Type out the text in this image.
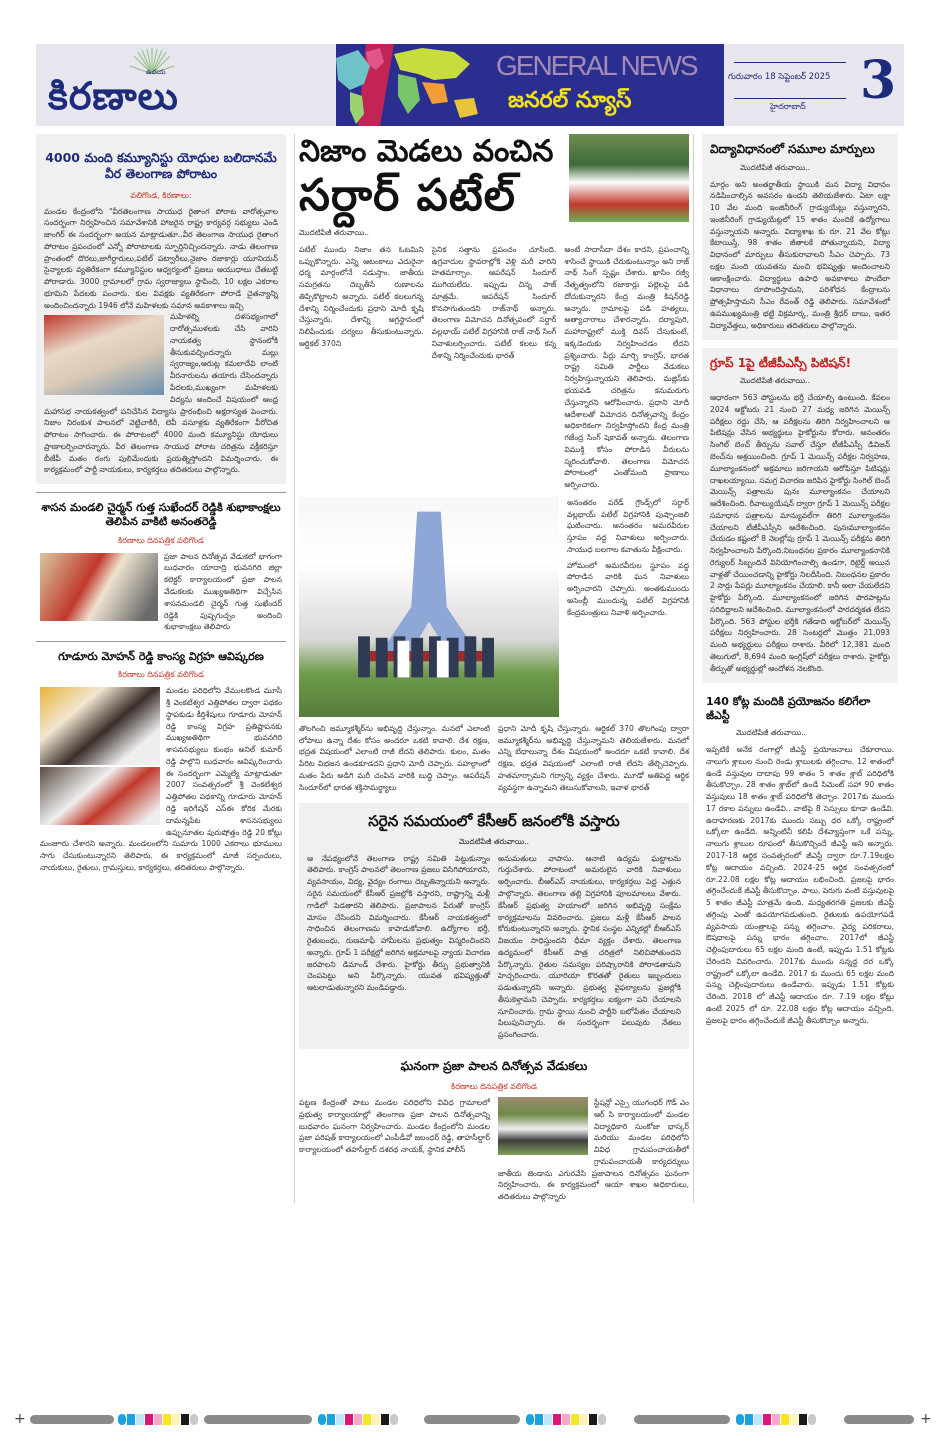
ఉదయ
కిరణాలు
GENERAL NEWS
జనరల్ న్యూస్
గురువారం 18 సెప్టెంబర్ 2025
హైదరాబాద్ 3
4000 మంది కమ్యూనిస్టు యోధుల బలిదానమే వీర తెలంగాణ పోరాటం
వలిగొండ, కిరణాలు:
మండల కేంద్రంలోని "వీరతెలంగాణ సాయుధ రైతాంగ పోరాట వారోత్సవాల సందర్భంగా నిర్వహించిన సమావేశానికి హాజరైన రాష్ట్ర కార్యవర్గ సభ్యులు ఎండి జాంగిర్ ఈ సందర్భంగా అయన మాట్లాడుతూ..వీర తెలంగాణ సాయుధ రైతాంగ పోరాటం ప్రపంచంలో ఎన్నో పోరాటాలకు స్ఫూర్తినిచ్చిందన్నారు. నాడు తెలంగాణ ప్రాంతంలో దొరలు,జాగీర్దారులు,పటేల్ పట్వారీలు,నైజాం రజాకార్లు యూనియన్ సైన్యాలకు వ్యతిరేకంగా కమ్యూనిస్టుల ఆధ్వర్యంలో ప్రజలు ఆయుధాలు చేతబట్టి పోరాడారు. 3000 గ్రామాలలో గ్రామ స్వరాజ్యాలు స్థాపించి, 10 లక్షల ఎకరాల భూమిని పేదలకు పంచారు. కుల వివక్షకు వ్యతిరేకంగా పోరాడే చైతన్యాన్ని అందించిందన్నారు 1946 లోనే మహిళలకు సమాన అవకాశాలు ఇచ్చి
మహిళల్ని దళసభ్యంగాలో దారోత్సముళలకు చేసి వారిని నాయకత్వ స్థానంలోకి తీసుకువచ్చిందన్నారు మల్లు స్వరాజ్యం,ఆరుట్ల కమలాదేవి లాంటి వీరనారులను తయారు చేసిందన్నారు పేదలకు,ముఖ్యంగా మహిళలకు విద్యను అందించే విషయంలో ఆంధ్ర మహాసభ నాయకత్వంలో పనిచేసిన విద్యాసు ప్రారంభించి అక్షరాస్యత పెంచారు. నిజాం నిరంకుశ పాలనలో వెట్టిచాకిరీ, లెవీ వసూళ్లకు వ్యతిరేకంగా వీరోచిత పోరాటం సాగించారు. ఈ పోరాటంలో 4000 మంది కమ్యూనిస్టు యోధులు ప్రాణాలర్పించారన్నారు. వీర తెలంగాణ సాయుధ పోరాట చరిత్రను వక్రీకరిస్తూ బీజేపీ మతం రంగు పులిమేందుకు ప్రయత్నిస్తోందని విమర్శించారు. ఈ కార్యక్రమంలో పార్టీ నాయకులు, కార్యకర్తలు తదితరులు పాల్గొన్నారు.
శాసన మండలి చైర్మన్ గుత్త సుఖేందర్ రెడ్డికి శుభాకాంక్షలు తెలిపిన వాకిటి అనంతరెడ్డి
కిరణాలు దినపత్రిక వలిగొండ
ప్రజా పాలన దినోత్సవ వేడుకలో భాగంగా బుధవారం యాదాద్రి భువనగిరి జిల్లా కలెక్టర్ కార్యాలయంలో ప్రజా పాలన వేడుకలకు ముఖ్యఅతిథిగా విచ్చేసిన శాసనమండలి చైర్మన్ గుత్త సుఖేందర్ రెడ్డికి పుష్పగుచ్ఛం అందించి శుభాకాంక్షలు తెలిపారు
గూడూరు మోహన్ రెడ్డి కాంస్య విగ్రహ ఆవిష్కరణ
కిరణాలు దినపత్రిక వలిగొండ
మండల పరిధిలోని వేములకొండ మూసీ శ్రీ వెంకటేశ్వర ఎత్తిపోతల ద్వారా పథకం స్థాపకుడు కీర్తిశేషులు గూడూరు మోహన్ రెడ్డి కాంస్య విగ్రహ ప్రతిష్టాపనకు ముఖ్యఅతిథిగా భువనగిరి శాసనసభ్యులు కుంభం అనిల్ కుమార్ రెడ్డి పాల్గొని బుధవారం ఆవిష్కరించారు ఈ సందర్భంగా ఎమ్మెల్యే మాట్లాడుతూ 2007 సంవత్సరంలో శ్రీ వెంకటేశ్వర ఎత్తిపోతల పథకాన్ని గూడూరు మోహన్ రెడ్డి ఇరిగేషన్ ఎస్ఈ కోరిక మేరకు దామన్నపేట శాసనసభ్యులు ఉప్పునూతల పురుషోత్తం రెడ్డి 20 కోట్లు మంజూరు చేశారని అన్నారు. మండలంలోని సుమారు 1000 ఎకరాలు భూములు సాగు చేసుకుంటున్నారని తెలిపారు. ఈ కార్యక్రమంలో మాజీ సర్పంచులు, నాయకులు, రైతులు, గ్రామస్తులు, కార్యకర్తలు, తదితరులు పాల్గొన్నారు.
నిజాం మెడలు వంచిన
సర్దార్ పటేల్
మొదటిపేజీ తరువాయి..
పటేల్ ముందు నిజాం తన ఓటమిని ఒప్పుకొన్నారు. ఎన్ని ఆటంకాలు ఎదురైనా ధర్మ మార్గంలోనే నడుస్తాం. జాతీయ సమగ్రతను దెబ్బతీసే రుణాలను తిప్పికొట్టాలని అన్నారు. పటేల్ కలలుగన్న దేశాన్ని నిర్మించేందుకు ప్రధాని మోదీ కృషి చేస్తున్నారు. దేశాన్ని అగ్రస్థానంలో నిలిపేందుకు చర్యలు తీసుకుంటున్నారు. ఆర్టికల్ 370ని
సైనిక సత్తాను ప్రపంచం చూసింది. ఉగ్రవాదుల స్థావరాల్లోకి వెళ్లి మరీ వారిని హతమార్చాం. ఆపరేషన్ సిందూర్ ముగియలేదు. ఇప్పుడు చిన్న పాజ్ మాత్రమే. ఆపరేషన్ సిందూర్ కొనసాగుతుందని రాజ్‌నాథ్ అన్నారు. తెలంగాణ విమోచన దినోత్సవంలో సర్దార్ వల్లభాయ్ పటేల్ విగ్రహానికి రాజ్ నాథ్ సింగ్ నివాళులర్పించారు. పటేల్ కలలు కన్న దేశాన్ని నిర్మించేందుకు భారత్
అంటే సాదాసీదా దేశం కాదని, ప్రపంచాన్ని శాసించే స్థాయికి చేరుకుంటున్నాం అని రాజ్ నాథ్ సింగ్ స్పష్టం చేశారు. ఖాసిం రజ్వీ నేతృత్వంలోని రజాకార్లు పల్లెలపై పడి దోచుకున్నారని కేంద్ర మంత్రి కిషన్‌రెడ్డి అన్నారు. గ్రామాలపై పడి హత్యలు, అత్యాచారాలు చేశారన్నారు. దర్యాపురి, మహారాష్ట్రలో ముక్తి దివస్ చేసుకుంటే, ఇక్కడెందుకు నిర్వహించడం లేదని ప్రశ్నించారు. పేర్లు మార్చి కాంగ్రెస్, భారత రాష్ట్ర సమితి పార్టీలు వేడుకలు నిర్వహిస్తున్నాయని తెలిపారు. మజ్లిస్‌కు భయపడి చరిత్రను కనుమరుగు చేస్తున్నారని ఆరోపించారు. ప్రధాని మోదీ ఆదేశాలతో విమోచన దినోత్సవాన్ని కేంద్రం అధికారికంగా నిర్వహిస్తోందని కేంద్ర మంత్రి గజేంద్ర సింగ్ షెకావత్ అన్నారు. తెలంగాణ విముక్తి కోసం పోరాడిన వీరులను స్మరించుకోవాలి. తెలంగాణ విమోచన పోరాటంలో ఎంతోమంది ప్రాణాలు అర్పించారు.
అనంతరం పరేడ్ గ్రౌండ్స్‌లో సర్దార్ వల్లభాయ్ పటేల్ విగ్రహానికి పుష్పాంజలి ఘటించారు. అనంతరం అమరవీరుల స్తూపం వద్ద నివాళులు అర్పించారు. సాయుధ బలగాల కవాతును వీక్షించారు.
హోమంలో అమరవీరుల స్థూపం వద్ద పోరాడిన వారికి ఘన నివాళులు అర్పించారని చెప్పారు. అంతకుముందు అసెంబ్లీ ముందున్న పటేల్ విగ్రహానికి కేంద్రమంత్రులు నివాళి అర్పించారు.
తొలగించి జమ్మూకశ్మీర్‌ను అభివృద్ధి చేస్తున్నాం. మనలో ఎలాంటి లోపాలు ఉన్నా దేశం కోసం అందరూ ఒకటి కావాలి. దేశ రక్షణ, భద్రత విషయంలో ఎలాంటి రాజీ లేదని తెలిపారు. కులం, మతం పేరిట విభజన ఉండకూడదని ప్రధాని మోదీ చెప్పారు. పహల్గాంలో మతం పేరు అడిగి మరీ చంపిన వారికి బుద్ధి చెప్పాం. ఆపరేషన్ సిందూర్‌లో భారత శక్తిసామర్థ్యాలు
ప్రధాని మోదీ కృషి చేస్తున్నారు. ఆర్టికల్ 370 తొలగింపు ద్వారా జమ్మూకశ్మీర్‌ను అభివృద్ధి చేస్తున్నామని తెలియజేశారు. మనలో ఎన్ని బేధాలున్నా దేశం విషయంలో అందరూ ఒకటే కావాలి. దేశ రక్షణ, భద్రత విషయంలో ఎలాంటి రాజీ లేదని తేల్చిచెప్పారు. హతమార్చామని గర్వాన్ని వ్యక్తం చేశారు. మూడో అతిపెద్ద ఆర్థిక వ్యవస్థగా ఉన్నామని తెలుసుకోవాలని, ఇవాళ భారత్
సరైన సమయంలో కేసీఆర్ జనంలోకి వస్తారు
మొదటిపేజీ తరువాయి..
ఆ నేపథ్యంలోనే తెలంగాణ రాష్ట్ర సమితి పెట్టుకున్నాం తెలిపారు. కాంగ్రెస్ పాలనలో తెలంగాణ ప్రజలు విసిగిపోయారని, వ్యవసాయం, విద్య, వైద్యం రంగాలు దెబ్బతిన్నాయని అన్నారు. సరైన సమయంలో కేసీఆర్ ప్రజల్లోకి వస్తారని, రాష్ట్రాన్ని మళ్లీ గాడిలో పెడతారని తెలిపారు. ప్రజాపాలన పేరుతో కాంగ్రెస్ మోసం చేసిందని విమర్శించారు. కేసీఆర్ నాయకత్వంలో సాధించిన తెలంగాణను కాపాడుకోవాలి. ఉద్యోగాల భర్తీ, రైతుబంధు, రుణమాఫీ హామీలను ప్రభుత్వం విస్మరించిందని అన్నారు. గ్రూప్ 1 పరీక్షల్లో జరిగిన అక్రమాలపై న్యాయ విచారణ జరపాలని డిమాండ్ చేశారు. హైకోర్టు తీర్పు ప్రభుత్వానికి చెంపపెట్టు అని పేర్కొన్నారు. యువత భవిష్యత్తుతో ఆటలాడుతున్నారని మండిపడ్డారు.
అనుమతులు వాపాసు. ఆనాటి ఉద్యమ ఘట్టాలను గుర్తుచేశారు. పోరాటంలో అమరులైన వారికి నివాళులు అర్పించారు. బీఆర్‌ఎస్ నాయకులు, కార్యకర్తలు పెద్ద ఎత్తున పాల్గొన్నారు. తెలంగాణ తల్లి విగ్రహానికి పూలమాలలు వేశారు. కేసీఆర్ ప్రభుత్వ హయాంలో జరిగిన అభివృద్ధి సంక్షేమ కార్యక్రమాలను వివరించారు. ప్రజలు మళ్లీ కేసీఆర్ పాలన కోరుకుంటున్నారని అన్నారు. స్థానిక సంస్థల ఎన్నికల్లో బీఆర్‌ఎస్ విజయం సాధిస్తుందని ధీమా వ్యక్తం చేశారు. తెలంగాణ ఉద్యమంలో కేసీఆర్ పాత్ర చరిత్రలో నిలిచిపోతుందని పేర్కొన్నారు. రైతుల సమస్యల పరిష్కారానికి పోరాడతామని హెచ్చరించారు. యూరియా కొరతతో రైతులు ఇబ్బందులు పడుతున్నారని అన్నారు. ప్రభుత్వ వైఫల్యాలను ప్రజల్లోకి తీసుకెళ్తామని చెప్పారు. కార్యకర్తలు ఐక్యంగా పని చేయాలని సూచించారు. గ్రామ స్థాయి నుంచి పార్టీని బలోపేతం చేయాలని పిలుపునిచ్చారు. ఈ సందర్భంగా పలువురు నేతలు ప్రసంగించారు.
ఘనంగా ప్రజా పాలన దినోత్సవ వేడుకలు
కిరణాలు దినపత్రిక వలిగొండ
పట్టణ కేంద్రంతో పాటు మండల పరిధిలోని వివిధ గ్రామాలలో ప్రభుత్వ కార్యాలయాల్లో తెలంగాణ ప్రజా పాలన దినోత్సవాన్ని బుధవారం ఘనంగా నిర్వహించారు. మండల కేంద్రంలోని మండల ప్రజా పరిషత్ కార్యాలయంలో ఎంపీడీవో జలంధర్ రెడ్డి, తాహసీల్దార్ కార్యాలయంలో తహసీల్దార్ దశరథ నాయక్, స్థానిక పోలీస్
స్టేషన్లో ఎస్సై యుగంధర్ గౌడ్ ఎం ఆర్ సి కార్యాలయంలో మండల విద్యాధికారి సుంకోజు భాస్కర్ మరియు మండల పరిధిలోని వివిధ గ్రామపంచాయతీలో గ్రామపంచాయతీ కార్యదర్శులు జాతీయ జెండాను ఎగురవేసి ప్రజాపాలన దినోత్సవం ఘనంగా నిర్వహించారు. ఈ కార్యక్రమంలో ఆయా శాఖల అధికారులు, తదితరులు పాల్గొన్నారు
విద్యావిధానంలో సమూల మార్పులు
మొదటిపేజీ తరువాయి..
మార్గం అని అంతర్జాతీయ స్థాయికి మన విద్యా విధానం నడిపించాల్సిన అవసరం ఉందని తెలియజేశారు. ఏటా లక్షా 10 వేల మంది ఇంజినీరింగ్ గ్రాడ్యుయేట్లు వస్తున్నారని, ఇంజినీరింగ్ గ్రాడ్యుయేట్లలో 15 శాతం మందికే ఉద్యోగాలు వస్తున్నాయని అన్నారు. విద్యాశాఖ కు రూ. 21 వేల కోట్లు కేటాయిస్తే, 98 శాతం జీతాలకే పోతున్నాయని, విద్యా విధానంలో మార్పులు తీసుకురావాలని సీఎం చెప్పారు. 73 లక్షల మంది యువతను మంచి భవిష్యత్తు అందించాలని ఆకాంక్షించారు. విద్యార్థులు ఉపాధి అవకాశాలు పొందేలా విధానాలు రూపొందిస్తామని, పరిశోధన కేంద్రాలను ప్రోత్సహిస్తామని సీఎం రేవంత్ రెడ్డి తెలిపారు. సమావేశంలో ఉపముఖ్యమంత్రి భట్టి విక్రమార్క, మంత్రి శ్రీధర్ బాబు, ఇతర విద్యావేత్తలు, అధికారులు తదితరులు పాల్గొన్నారు.
గ్రూప్ 1పై టీజీపీఎస్సీ పిటిషన్!
మొదటిపేజీ తరువాయి..
ఆధారంగా 563 పోస్టులను భర్తీ చేయాల్సి ఉంటుంది. కేవలం 2024 అక్టోబరు 21 నుంచి 27 మధ్య జరిగిన మెయిన్స్ పరీక్షలు రద్దు చేసి, ఆ పరీక్షలను తిరిగి నిర్వహించాలని ఆ పిటిషన్లు వేసిన అభ్యర్థులు హైకోర్టును కోరారు. అనంతరం సింగిల్ బెంచ్ తీర్పును సవాల్ చేస్తూ టీజీపీఎస్సీ డివిజన్ బెంచ్‌ను ఆశ్రయించింది. గ్రూప్ 1 మెయిన్స్ పరీక్షల నిర్వహణ, మూల్యాంకనంలో అక్రమాలు జరిగాయని ఆరోపిస్తూ పిటిషన్లు దాఖలయ్యాయి. సమగ్ర విచారణ జరిపిన హైకోర్టు సింగిల్ బెంచ్ మెయిన్స్ పత్రాలను పునః మూల్యాంకనం చేయాలని ఆదేశించింది. రీవాల్యుయేషన్ ద్వారా గ్రూప్ 1 మెయిన్స్ పరీక్షల సమాధాన పత్రాలను మాన్యువల్‌గా తిరిగి మూల్యాంకనం చేయాలని టీజీపీఎస్సీని ఆదేశించింది. పునఃమూల్యాంకనం చేయడం కష్టంలో 8 నెలల్లోపు గ్రూప్ 1 మెయిన్స్ పరీక్షను తిరిగి నిర్వహించాలని పేర్కొంది.నిబంధనల ప్రకారం మూల్యాంకనానికి రెగ్యులర్ సిబ్బందినే వినియోగించాల్సి ఉండగా, రిటైర్డ్ అయిన వాళ్లతో చేయించడాన్ని హైకోర్టు నిలదీసింది. నిబంధనల ప్రకారం 2 సార్లు పేపర్లు మూల్యాంకనం చేయాలి. కానీ అలా చేయలేదని హైకోర్టు పేర్కొంది. మూల్యాంకనంలో జరిగిన పొరపాట్లను సరిదిద్దాలని ఆదేశించింది. మూల్యాంకనంలో పారదర్శకత లేదని పేర్కొంది. 563 పోస్టుల భర్తీకి గతేడాది అక్టోబర్‌లో మెయిన్స్ పరీక్షలు నిర్వహించారు. 28 సెంటర్లలో మొత్తం 21,093 మంది అభ్యర్థులు పరీక్షలు రాశారు. వీరిలో 12,381 మంది తెలుగులో, 8,694 మంది ఇంగ్లిష్‌లో పరీక్షలు రాశారు. హైకోర్టు తీర్పుతో అభ్యర్థుల్లో ఆందోళన నెలకొంది.
140 కోట్ల మందికి ప్రయోజనం కలిగేలా జీఎస్టీ
మొదటిపేజీ తరువాయి..
ఇప్పటికే అనేక రంగాల్లో జీఎస్టీ ప్రయోజనాలు చేకూరాయి. నాలుగు శ్లాబుల నుంచి రెండు శ్లాబులకు తగ్గించాం. 12 శాతంలో ఉండే వస్తువుల దాదాపు 99 శాతం 5 శాతం శ్లాబ్ పరిధిలోకి తీసుకొచ్చాం. 28 శాతం శ్లాబ్‌లో ఉండే సిమెంట్ సహా 90 శాతం వస్తువులు 18 శాతం శ్లాబ్ పరిధిలోకి తెచ్చాం. 2017కు ముందు 17 రకాల పన్నులు ఉండేవి.. వాటిపై 8 సెస్సులు కూడా ఉండేవి. ఉదాహరణకు 2017కు ముందు సబ్బు ధర ఒక్కో రాష్ట్రంలో ఒక్కోలా ఉండేది. అన్నింటినీ కలిపి దేశవ్యాప్తంగా ఒకే పన్ను, నాలుగు శ్లాబుల రూపంలో తీసుకొచ్చిందే జీఎస్టీ అని అన్నారు. 2017-18 ఆర్థిక సంవత్సరంలో జీఎస్టీ ద్వారా రూ.7.19లక్షల కోట్ల ఆదాయం వచ్చింది. 2024-25 ఆర్థిక సంవత్సరంలో రూ.22.08 లక్షల కోట్ల ఆదాయం లభించింది. ప్రజలపై భారం తగ్గించేందుకే జీఎస్టీ తీసుకొచ్చాం. పాలు, పెరుగు వంటి వస్తువులపై 5 శాతం జీఎస్టీ మాత్రమే ఉంది. మధ్యతరగతి ప్రజలకు జీఎస్టీ తగ్గింపు ఎంతో ఉపయోగపడుతుంది. రైతులకు ఉపయోగపడే వ్యవసాయ యంత్రాలపై పన్ను తగ్గించాం. వైద్య పరికరాలు, ఔషధాలపై పన్ను భారం తగ్గించాం. 2017లో జీఎస్టీ చెల్లింపుదారులు 65 లక్షల మంది ఉంటే, ఇప్పుడు 1.51 కోట్లకు చేరిందని వివరించారు. 2017కు ముందు సన్నద్ధ దర ఒక్కో రాష్ట్రంలో ఒక్కోలా ఉండేది. 2017 కు ముందు 65 లక్షల మంది పన్ను చెల్లింపుదారులు ఉండేవారు. ఇప్పుడు 1.51 కోట్లకు చేరింది. 2018 లో జీఎస్టీ ఆదాయం రూ. 7.19 లక్షల కోట్లు ఉంటే 2025 లో రూ. 22.08 లక్షల కోట్ల ఆదాయం వచ్చింది. ప్రజలపై భారం తగ్గించేందుకే జీఎస్టీ తీసుకొచ్చాం అన్నారు.
+	+
